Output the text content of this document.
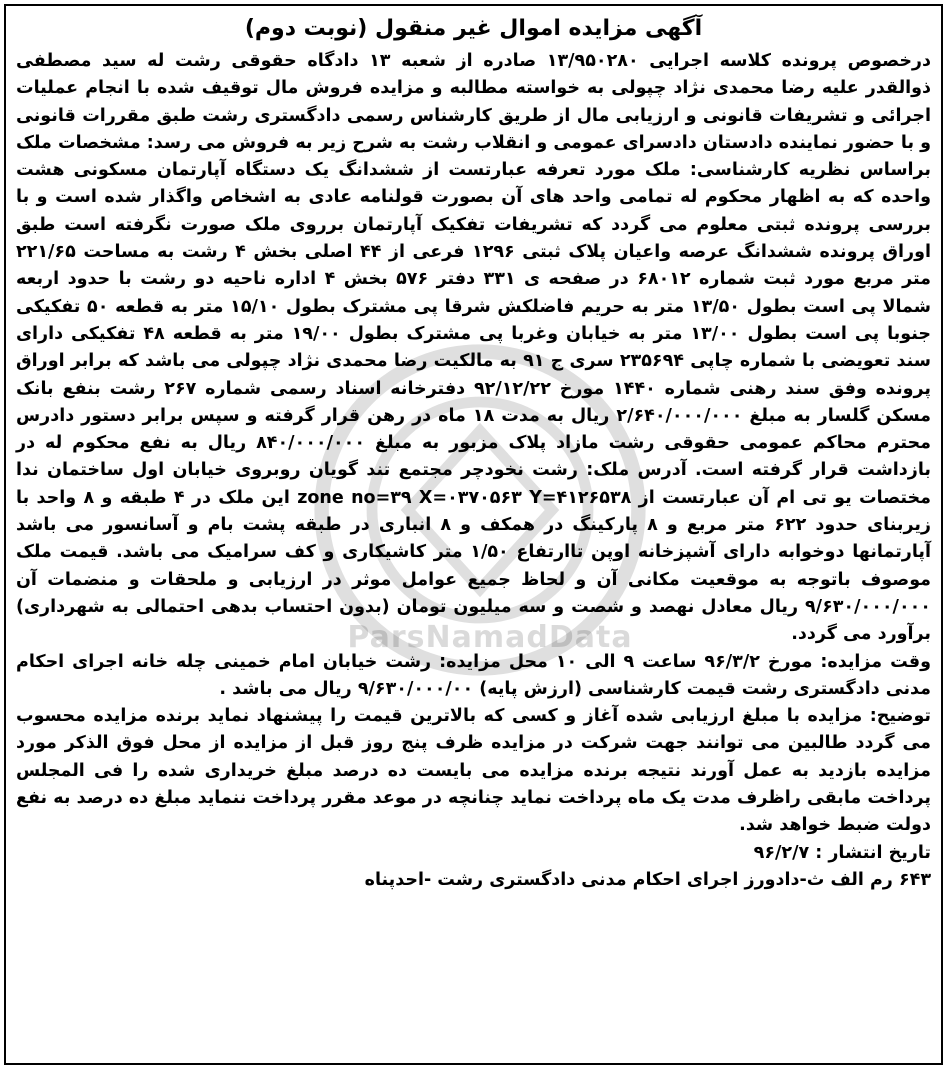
آگهی مزایده اموال غیر منقول (نوبت دوم)

درخصوص پرونده کلاسه اجرایی ۱۳/۹۵۰۲۸۰ صادره از شعبه ۱۳ دادگاه حقوقی رشت له سید مصطفی ذوالقدر علیه رضا محمدی نژاد چپولی به خواسته مطالبه و مزایده فروش مال توقیف شده با انجام عملیات اجرائی و تشریفات قانونی و ارزیابی مال از طریق کارشناس رسمی دادگستری رشت طبق مقررات قانونی و با حضور نماینده دادستان دادسرای عمومی و انقلاب رشت به شرح زیر به فروش می رسد: مشخصات ملک براساس نظریه کارشناسی: ملک مورد تعرفه عبارتست از ششدانگ یک دستگاه آپارتمان مسکونی هشت واحده که به اظهار محکوم له تمامی واحد های آن بصورت قولنامه عادی به اشخاص واگذار شده است و با بررسی پرونده ثبتی معلوم می گردد که تشریفات تفکیک آپارتمان برروی ملک صورت نگرفته است طبق اوراق پرونده ششدانگ عرصه واعیان پلاک ثبتی ۱۲۹۶ فرعی از ۴۴ اصلی بخش ۴ رشت به مساحت ۲۲۱/۶۵ متر مربع مورد ثبت شماره ۶۸۰۱۲ در صفحه ی ۳۳۱ دفتر ۵۷۶ بخش ۴ اداره ناحیه دو رشت با حدود اربعه شمالا پی است بطول ۱۳/۵۰ متر به حریم فاضلکش شرقا پی مشترک بطول ۱۵/۱۰ متر به قطعه ۵۰ تفکیکی جنوبا پی است بطول ۱۳/۰۰ متر به خیابان وغربا پی مشترک بطول ۱۹/۰۰ متر به قطعه ۴۸ تفکیکی دارای سند تعویضی با شماره چاپی ۲۳۵۶۹۴ سری ج ۹۱ به مالکیت رضا محمدی نژاد چپولی می باشد که برابر اوراق پرونده وفق سند رهنی شماره ۱۴۴۰ مورخ ۹۲/۱۲/۲۲ دفترخانه اسناد رسمی شماره ۲۶۷ رشت بنفع بانک مسکن گلسار به مبلغ ۲/۶۴۰/۰۰۰/۰۰۰ ریال به مدت ۱۸ ماه در رهن قرار گرفته و سپس برابر دستور دادرس محترم محاکم عمومی حقوقی رشت مازاد پلاک مزبور به مبلغ ۸۴۰/۰۰۰/۰۰۰ ریال به نفع محکوم له در بازداشت قرار گرفته است. آدرس ملک: رشت نخودچر مجتمع تند گویان روبروی خیابان اول ساختمان ندا مختصات یو تی ام آن عبارتست از zone no=۳۹ X=۰۳۷۰۵۶۳ Y=۴۱۲۶۵۳۸ این ملک در ۴ طبقه و ۸ واحد با زیربنای حدود ۶۲۲ متر مربع و ۸ پارکینگ در همکف و ۸ انباری در طبقه پشت بام و آسانسور می باشد آپارتمانها دوخوابه دارای آشپزخانه اوپن تاارتفاع ۱/۵۰ متر کاشیکاری و کف سرامیک می باشد. قیمت ملک موصوف باتوجه به موقعیت مکانی آن و لحاظ جمیع عوامل موثر در ارزیابی و ملحقات و منضمات آن ۹/۶۳۰/۰۰۰/۰۰۰ ریال معادل نهصد و شصت و سه میلیون تومان (بدون احتساب بدهی احتمالی به شهرداری) برآورد می گردد.

وقت مزایده: مورخ ۹۶/۳/۲ ساعت ۹ الی ۱۰ محل مزایده: رشت خیابان امام خمینی چله خانه اجرای احکام مدنی دادگستری رشت قیمت کارشناسی (ارزش پایه) ۹/۶۳۰/۰۰۰/۰۰ ریال می باشد .

توضیح: مزایده با مبلغ ارزیابی شده آغاز و کسی که بالاترین قیمت را پیشنهاد نماید برنده مزایده محسوب می گردد طالبین می توانند جهت شرکت در مزایده ظرف پنج روز قبل از مزایده از محل فوق الذکر مورد مزایده بازدید به عمل آورند نتیجه برنده مزایده می بایست ده درصد مبلغ خریداری شده را فی المجلس پرداخت مابقی راظرف مدت یک ماه پرداخت نماید چنانچه در موعد مقرر پرداخت ننماید مبلغ ده درصد به نفع دولت ضبط خواهد شد.

تاریخ انتشار : ۹۶/۲/۷

۶۴۳ رم الف ث-دادورز اجرای احکام مدنی دادگستری رشت -احدپناه

ParsNamadData
